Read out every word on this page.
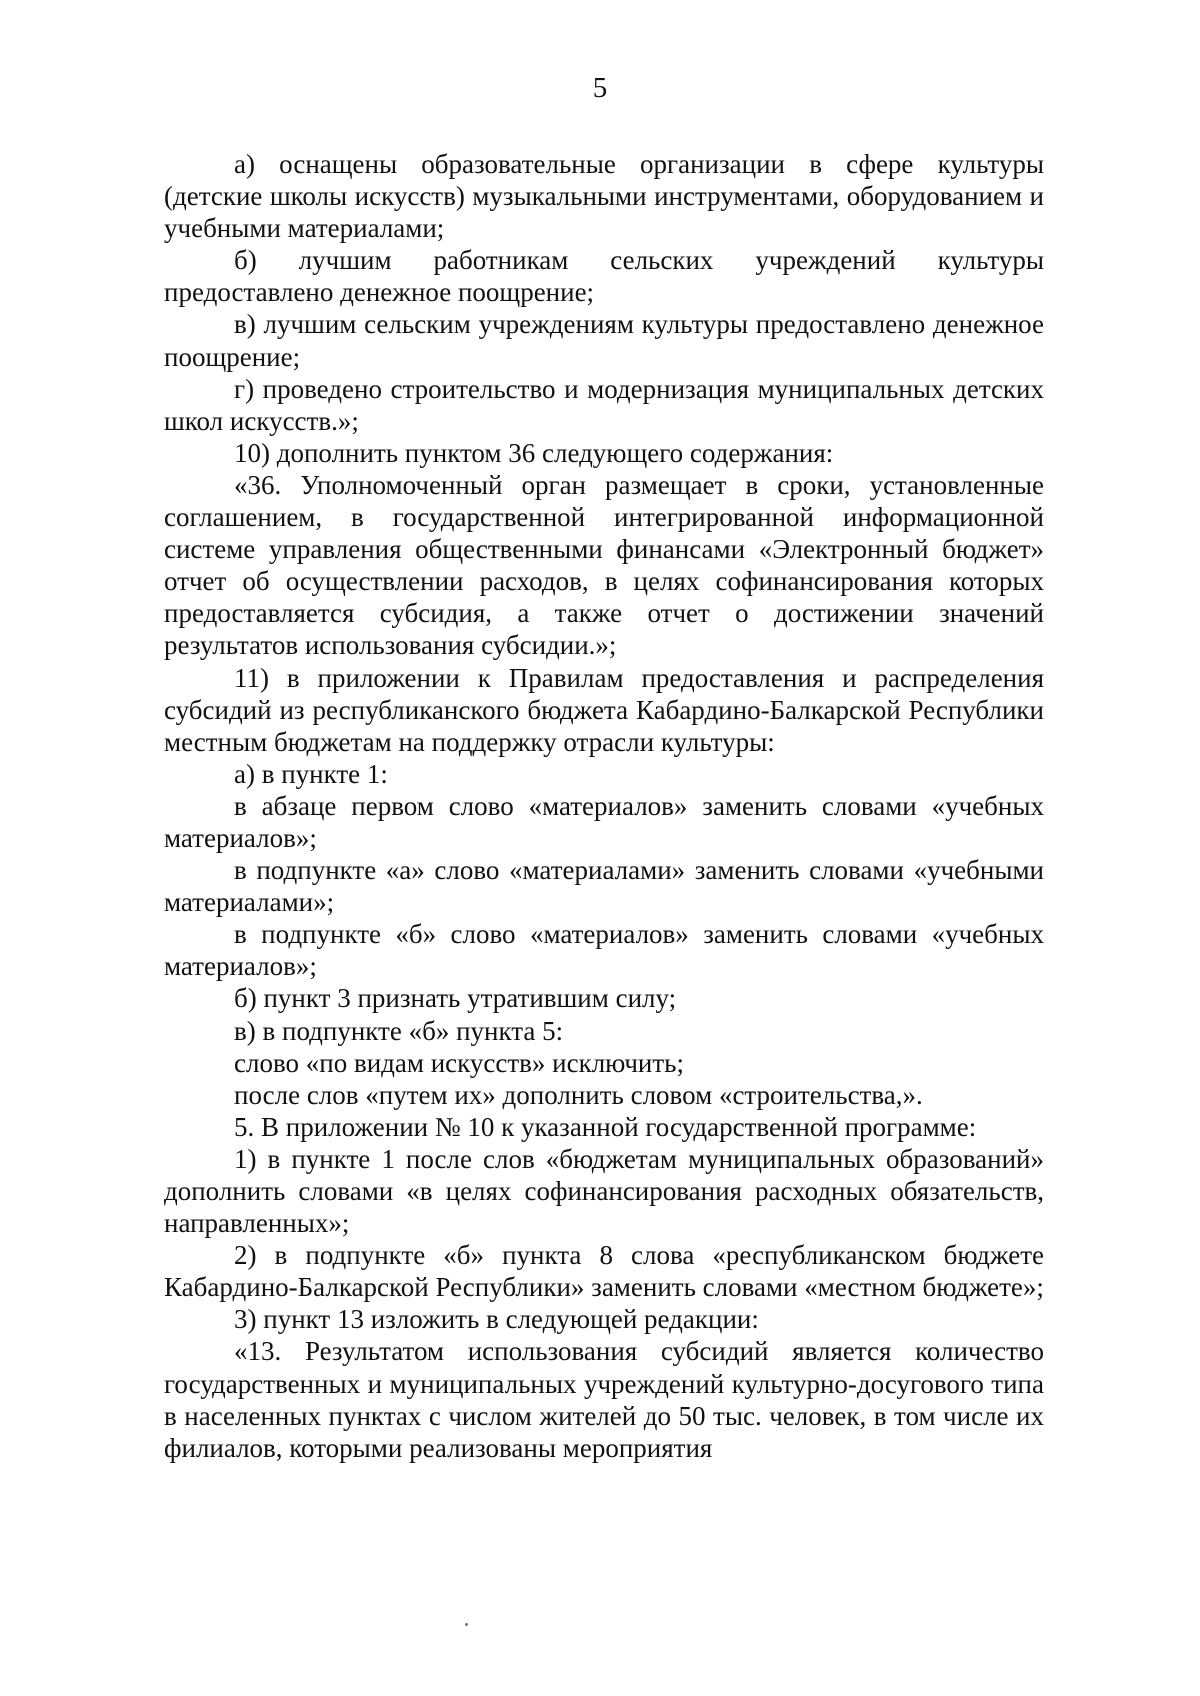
5

а) оснащены образовательные организации в сфере культуры (детские школы искусств) музыкальными инструментами, оборудованием и учебными материалами;

б) лучшим работникам сельских учреждений культуры предоставлено денежное поощрение;

в) лучшим сельским учреждениям культуры предоставлено денежное поощрение;

г) проведено строительство и модернизация муниципальных детских школ искусств.»;

10) дополнить пунктом 36 следующего содержания:

«36. Уполномоченный орган размещает в сроки, установленные соглашением, в государственной интегрированной информационной системе управления общественными финансами «Электронный бюджет» отчет об осуществлении расходов, в целях софинансирования которых предоставляется субсидия, а также отчет о достижении значений результатов использования субсидии.»;

11) в приложении к Правилам предоставления и распределения субсидий из республиканского бюджета Кабардино-Балкарской Республики местным бюджетам на поддержку отрасли культуры:

а) в пункте 1:

в абзаце первом слово «материалов» заменить словами «учебных материалов»;

в подпункте «а» слово «материалами» заменить словами «учебными материалами»;

в подпункте «б» слово «материалов» заменить словами «учебных материалов»;

б) пункт 3 признать утратившим силу;

в) в подпункте «б» пункта 5:

слово «по видам искусств» исключить;

после слов «путем их» дополнить словом «строительства,».

5. В приложении № 10 к указанной государственной программе:

1) в пункте 1 после слов «бюджетам муниципальных образований» дополнить словами «в целях софинансирования расходных обязательств, направленных»;

2) в подпункте «б» пункта 8 слова «республиканском бюджете Кабардино-Балкарской Республики» заменить словами «местном бюджете»;

3) пункт 13 изложить в следующей редакции:

«13. Результатом использования субсидий является количество государственных и муниципальных учреждений культурно-досугового типа в населенных пунктах с числом жителей до 50 тыс. человек, в том числе их филиалов, которыми реализованы мероприятия
